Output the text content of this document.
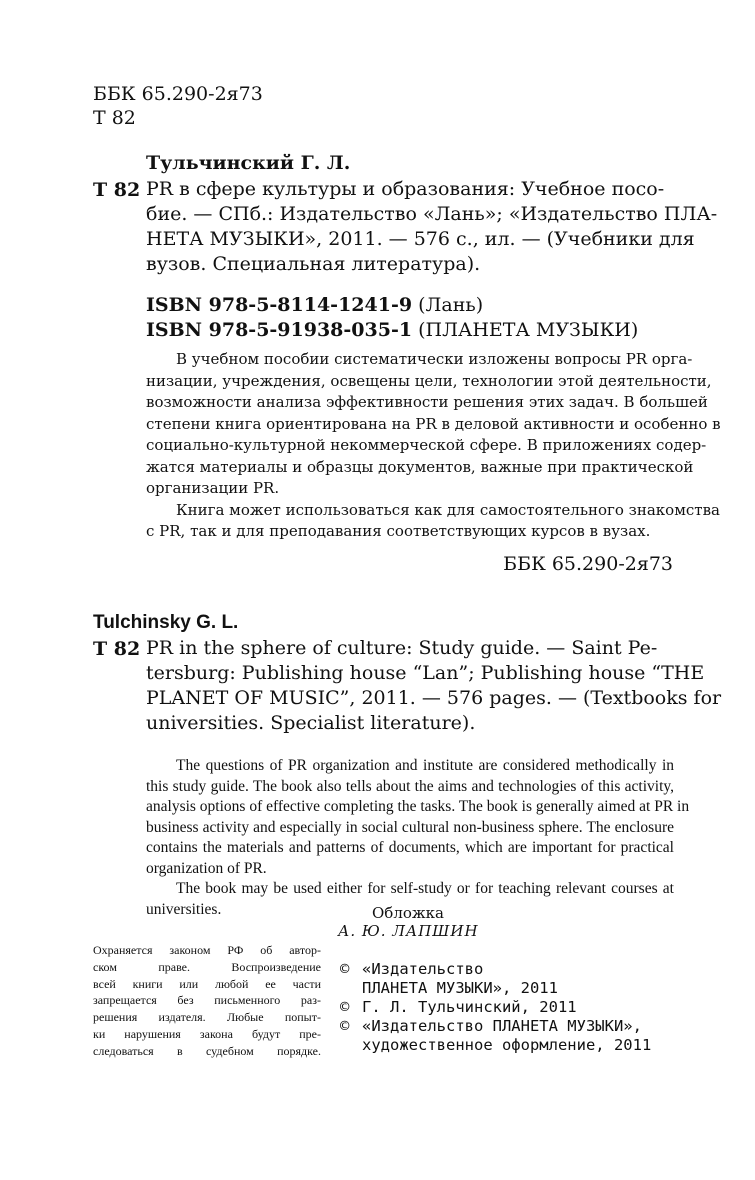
ББК 65.290-2я73
Т 82
Тульчинский Г. Л.
Т 82 PR в сфере культуры и образования: Учебное посо-
бие. — СПб.: Издательство «Лань»; «Издательство ПЛА-
НЕТА МУЗЫКИ», 2011. — 576 с., ил. — (Учебники для
вузов. Специальная литература).
ISBN 978-5-8114-1241-9 (Лань)
ISBN 978-5-91938-035-1 (ПЛАНЕТА МУЗЫКИ)
В учебном пособии систематически изложены вопросы PR орга-
низации, учреждения, освещены цели, технологии этой деятельности,
возможности анализа эффективности решения этих задач. В большей
степени книга ориентирована на PR в деловой активности и особенно в
социально-культурной некоммерческой сфере. В приложениях содер-
жатся материалы и образцы документов, важные при практической
организации PR.
Книга может использоваться как для самостоятельного знакомства
с PR, так и для преподавания соответствующих курсов в вузах.
ББК 65.290-2я73
Tulchinsky G. L.
T 82 PR in the sphere of culture: Study guide. — Saint Pe-
tersburg: Publishing house “Lan”; Publishing house “THE
PLANET OF MUSIC”, 2011. — 576 pages. — (Textbooks for
universities. Specialist literature).
The questions of PR organization and institute are considered methodically in
this study guide. The book also tells about the aims and technologies of this activity,
analysis options of effective completing the tasks. The book is generally aimed at PR in
business activity and especially in social cultural non-business sphere. The enclosure
contains the materials and patterns of documents, which are important for practical
organization of PR.
The book may be used either for self-study or for teaching relevant courses at
universities.	Обложка
А. Ю. ЛАПШИН
Охраняется законом РФ об автор-
ском праве. Воспроизведение
всей книги или любой ее части
запрещается без письменного раз-
решения издателя. Любые попыт-
ки нарушения закона будут пре-
следоваться в судебном порядке.
© «Издательство
ПЛАНЕТА МУЗЫКИ», 2011
© Г. Л. Тульчинский, 2011
© «Издательство ПЛАНЕТА МУЗЫКИ»,
художественное оформление, 2011
